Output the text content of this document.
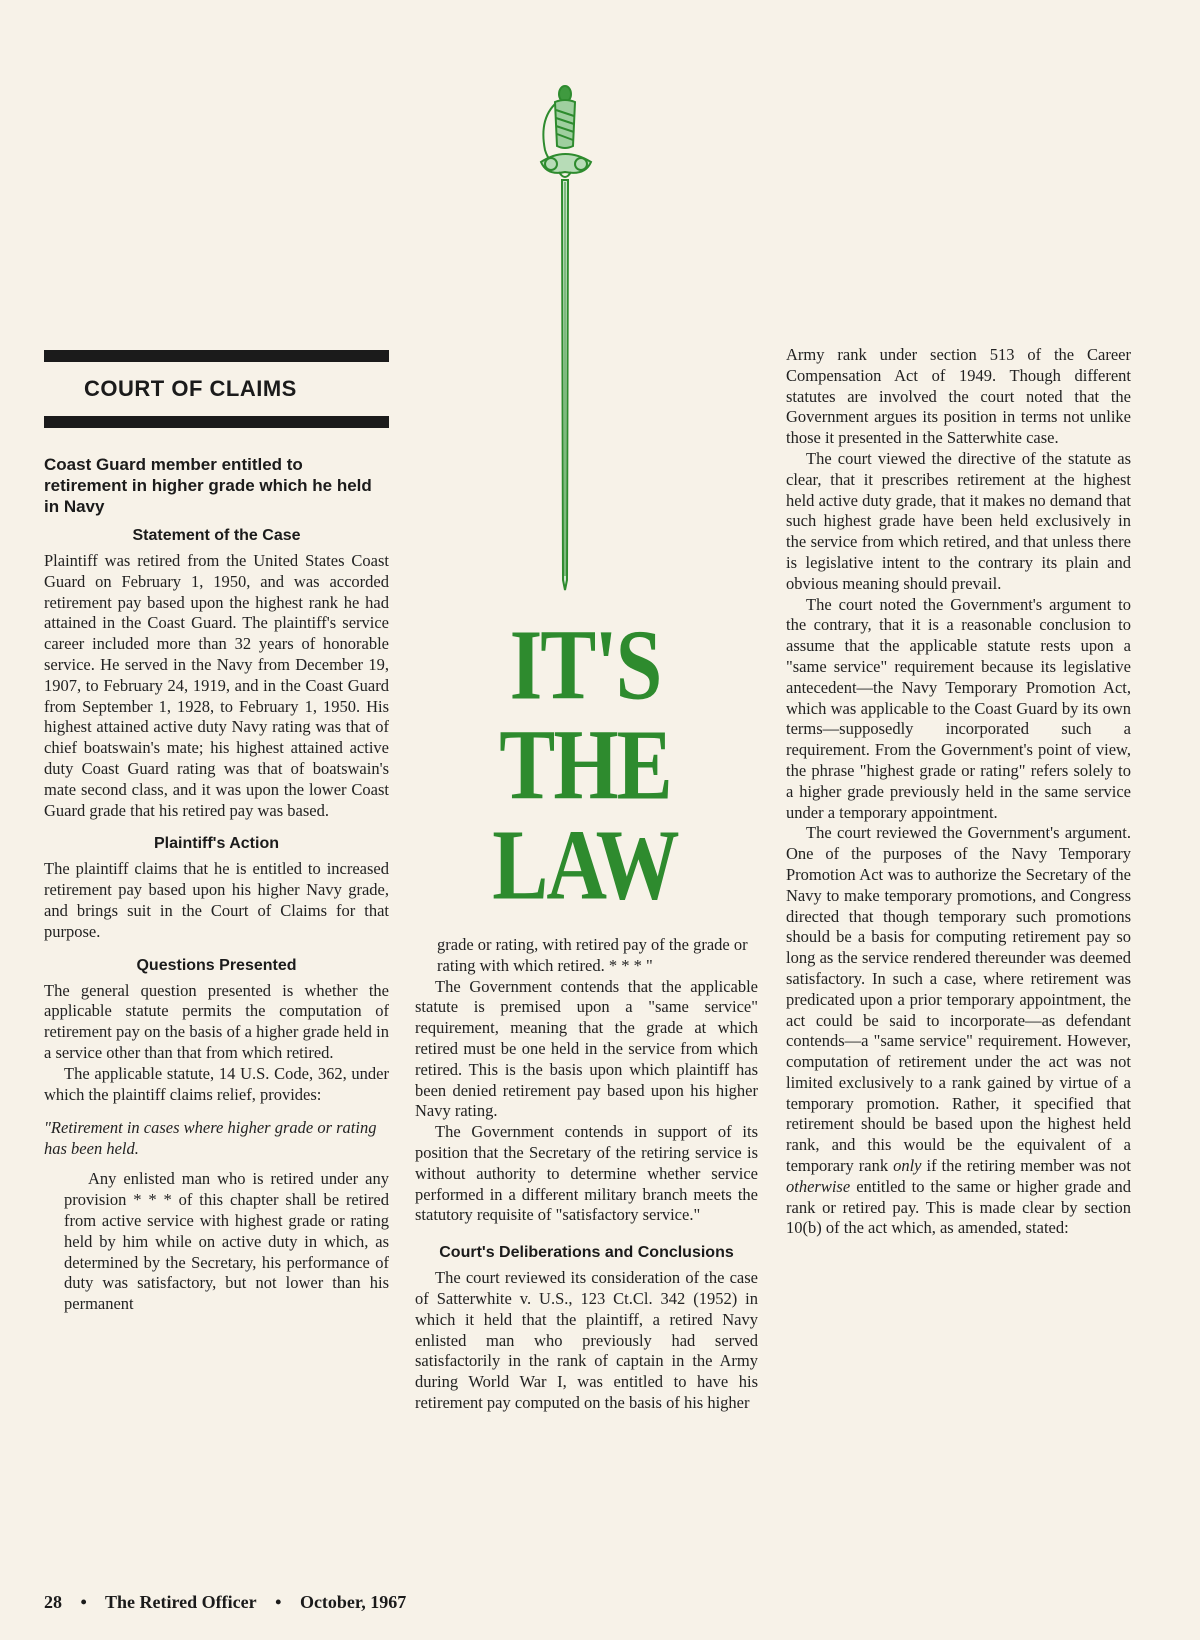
COURT OF CLAIMS
Coast Guard member entitled to retirement in higher grade which he held in Navy
Statement of the Case

Plaintiff was retired from the United States Coast Guard on February 1, 1950, and was accorded retirement pay based upon the highest rank he had attained in the Coast Guard. The plaintiff's service career included more than 32 years of honorable service. He served in the Navy from December 19, 1907, to February 24, 1919, and in the Coast Guard from September 1, 1928, to February 1, 1950. His highest attained active duty Navy rating was that of chief boatswain's mate; his highest attained active duty Coast Guard rating was that of boatswain's mate second class, and it was upon the lower Coast Guard grade that his retired pay was based.

Plaintiff's Action

The plaintiff claims that he is entitled to increased retirement pay based upon his higher Navy grade, and brings suit in the Court of Claims for that purpose.

Questions Presented

The general question presented is whether the applicable statute permits the computation of retirement pay on the basis of a higher grade held in a service other than that from which retired.

The applicable statute, 14 U.S. Code, 362, under which the plaintiff claims relief, provides:

"Retirement in cases where higher grade or rating has been held.

Any enlisted man who is retired under any provision * * * of this chapter shall be retired from active service with highest grade or rating held by him while on active duty in which, as determined by the Secretary, his performance of duty was satisfactory, but not lower than his permanent

IT'S
THE
LAW

grade or rating, with retired pay of the grade or rating with which retired. * * * "

The Government contends that the applicable statute is premised upon a "same service" requirement, meaning that the grade at which retired must be one held in the service from which retired. This is the basis upon which plaintiff has been denied retirement pay based upon his higher Navy rating.

The Government contends in support of its position that the Secretary of the retiring service is without authority to determine whether service performed in a different military branch meets the statutory requisite of "satisfactory service."

Court's Deliberations and Conclusions

The court reviewed its consideration of the case of Satterwhite v. U.S., 123 Ct.Cl. 342 (1952) in which it held that the plaintiff, a retired Navy enlisted man who previously had served satisfactorily in the rank of captain in the Army during World War I, was entitled to have his retirement pay computed on the basis of his higher

Army rank under section 513 of the Career Compensation Act of 1949. Though different statutes are involved the court noted that the Government argues its position in terms not unlike those it presented in the Satterwhite case.

The court viewed the directive of the statute as clear, that it prescribes retirement at the highest held active duty grade, that it makes no demand that such highest grade have been held exclusively in the service from which retired, and that unless there is legislative intent to the contrary its plain and obvious meaning should prevail.

The court noted the Government's argument to the contrary, that it is a reasonable conclusion to assume that the applicable statute rests upon a "same service" requirement because its legislative antecedent—the Navy Temporary Promotion Act, which was applicable to the Coast Guard by its own terms—supposedly incorporated such a requirement. From the Government's point of view, the phrase "highest grade or rating" refers solely to a higher grade previously held in the same service under a temporary appointment.

The court reviewed the Government's argument. One of the purposes of the Navy Temporary Promotion Act was to authorize the Secretary of the Navy to make temporary promotions, and Congress directed that though temporary such promotions should be a basis for computing retirement pay so long as the service rendered thereunder was deemed satisfactory. In such a case, where retirement was predicated upon a prior temporary appointment, the act could be said to incorporate—as defendant contends—a "same service" requirement. However, computation of retirement under the act was not limited exclusively to a rank gained by virtue of a temporary promotion. Rather, it specified that retirement should be based upon the highest held rank, and this would be the equivalent of a temporary rank only if the retiring member was not otherwise entitled to the same or higher grade and rank or retired pay. This is made clear by section 10(b) of the act which, as amended, stated:

28 • The Retired Officer • October, 1967
